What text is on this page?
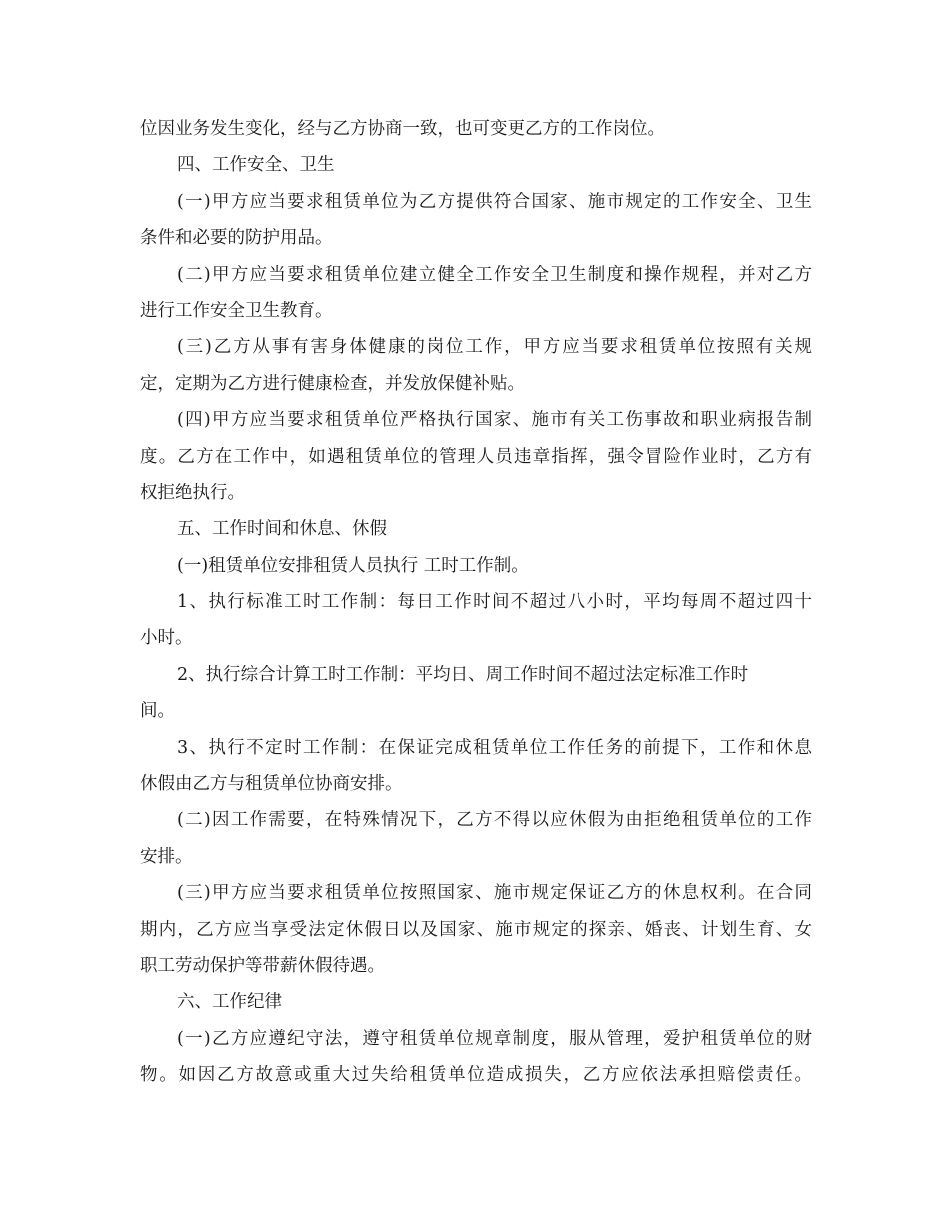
位因业务发生变化，经与乙方协商一致，也可变更乙方的工作岗位。
四、工作安全、卫生
(一)甲方应当要求租赁单位为乙方提供符合国家、施市规定的工作安全、卫生
条件和必要的防护用品。
(二)甲方应当要求租赁单位建立健全工作安全卫生制度和操作规程，并对乙方
进行工作安全卫生教育。
(三)乙方从事有害身体健康的岗位工作，甲方应当要求租赁单位按照有关规
定，定期为乙方进行健康检查，并发放保健补贴。
(四)甲方应当要求租赁单位严格执行国家、施市有关工伤事故和职业病报告制
度。乙方在工作中，如遇租赁单位的管理人员违章指挥，强令冒险作业时，乙方有
权拒绝执行。
五、工作时间和休息、休假
(一)租赁单位安排租赁人员执行 工时工作制。
1、执行标准工时工作制：每日工作时间不超过八小时，平均每周不超过四十
小时。
2、执行综合计算工时工作制：平均日、周工作时间不超过法定标准工作时
间。
3、执行不定时工作制：在保证完成租赁单位工作任务的前提下，工作和休息
休假由乙方与租赁单位协商安排。
(二)因工作需要，在特殊情况下，乙方不得以应休假为由拒绝租赁单位的工作
安排。
(三)甲方应当要求租赁单位按照国家、施市规定保证乙方的休息权利。在合同
期内，乙方应当享受法定休假日以及国家、施市规定的探亲、婚丧、计划生育、女
职工劳动保护等带薪休假待遇。
六、工作纪律
(一)乙方应遵纪守法，遵守租赁单位规章制度，服从管理，爱护租赁单位的财
物。如因乙方故意或重大过失给租赁单位造成损失，乙方应依法承担赔偿责任。
